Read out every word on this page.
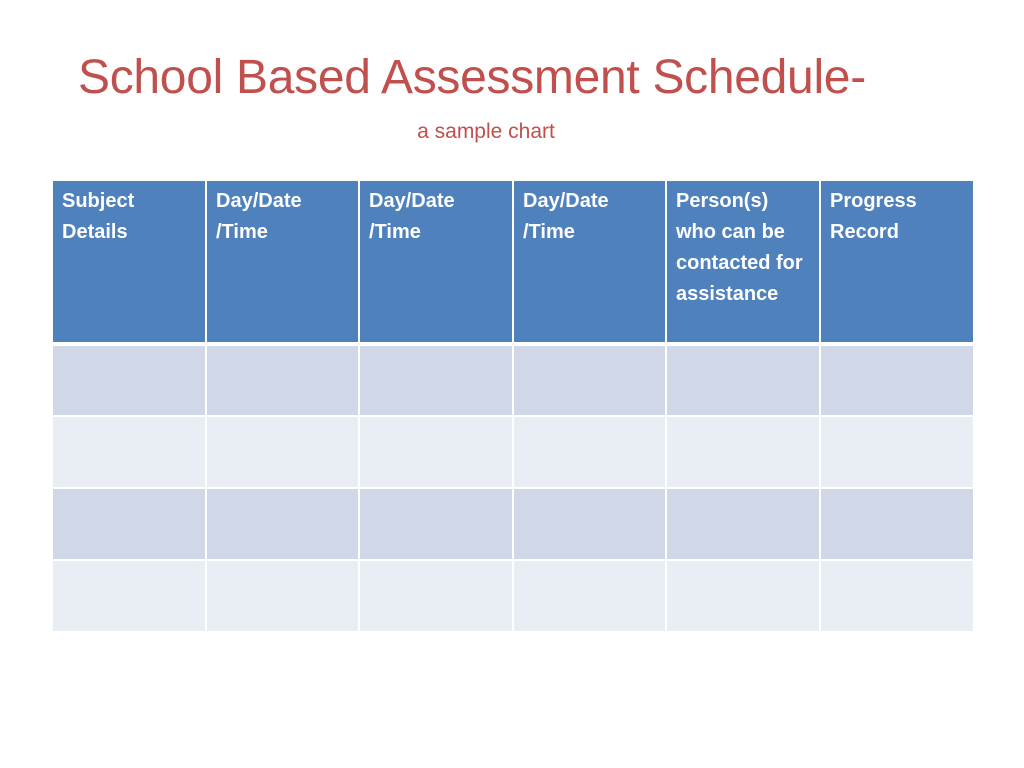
School Based Assessment Schedule-
a sample chart
Subject Details	Day/Date /Time	Day/Date /Time	Day/Date /Time	Person(s) who can be contacted for assistance	Progress Record
